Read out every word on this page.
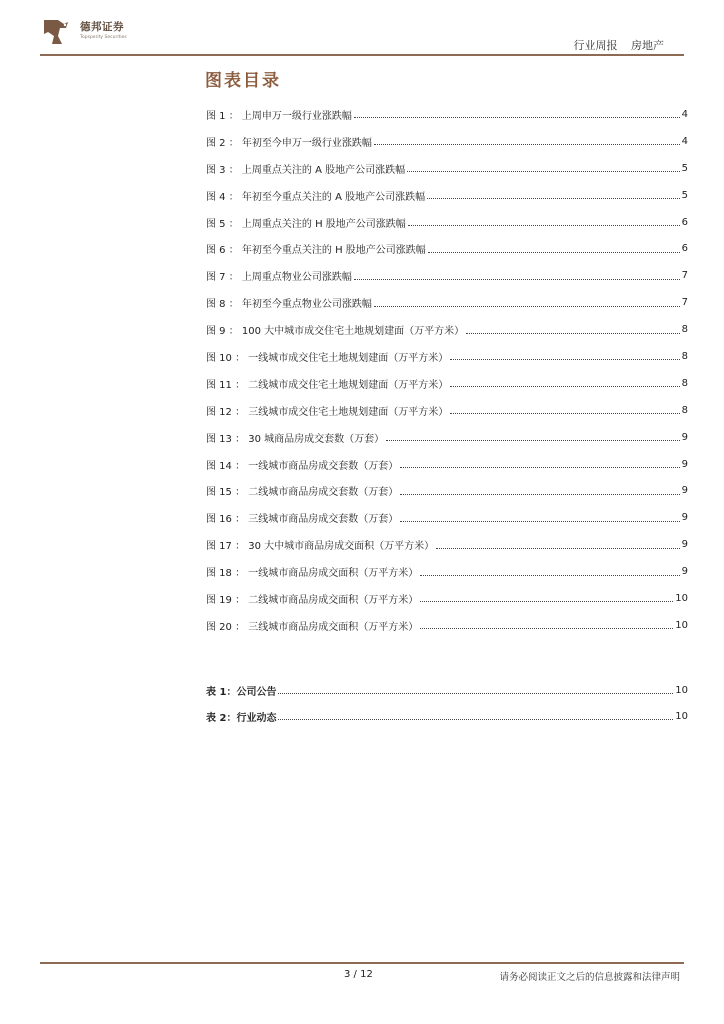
德邦证券
Topsperity Securities
行业周报 房地产
图表目录
图 1 ： 上周申万一级行业涨跌幅	4
图 2 ： 年初至今申万一级行业涨跌幅	4
图 3 ： 上周重点关注的 A 股地产公司涨跌幅	5
图 4 ： 年初至今重点关注的 A 股地产公司涨跌幅	5
图 5 ： 上周重点关注的 H 股地产公司涨跌幅	6
图 6 ： 年初至今重点关注的 H 股地产公司涨跌幅	6
图 7 ： 上周重点物业公司涨跌幅	7
图 8 ： 年初至今重点物业公司涨跌幅	7
图 9 ： 100 大中城市成交住宅土地规划建面（万平方米）	8
图 10 ： 一线城市成交住宅土地规划建面（万平方米）	8
图 11 ： 二线城市成交住宅土地规划建面（万平方米）	8
图 12 ： 三线城市成交住宅土地规划建面（万平方米）	8
图 13 ： 30 城商品房成交套数（万套）	9
图 14 ： 一线城市商品房成交套数（万套）	9
图 15 ： 二线城市商品房成交套数（万套）	9
图 16 ： 三线城市商品房成交套数（万套）	9
图 17 ： 30 大中城市商品房成交面积（万平方米）	9
图 18 ： 一线城市商品房成交面积（万平方米）	9
图 19 ： 二线城市商品房成交面积（万平方米）	10
图 20 ： 三线城市商品房成交面积（万平方米）	10
表 1：公司公告	10
表 2：行业动态	10
3 / 12	请务必阅读正文之后的信息披露和法律声明
